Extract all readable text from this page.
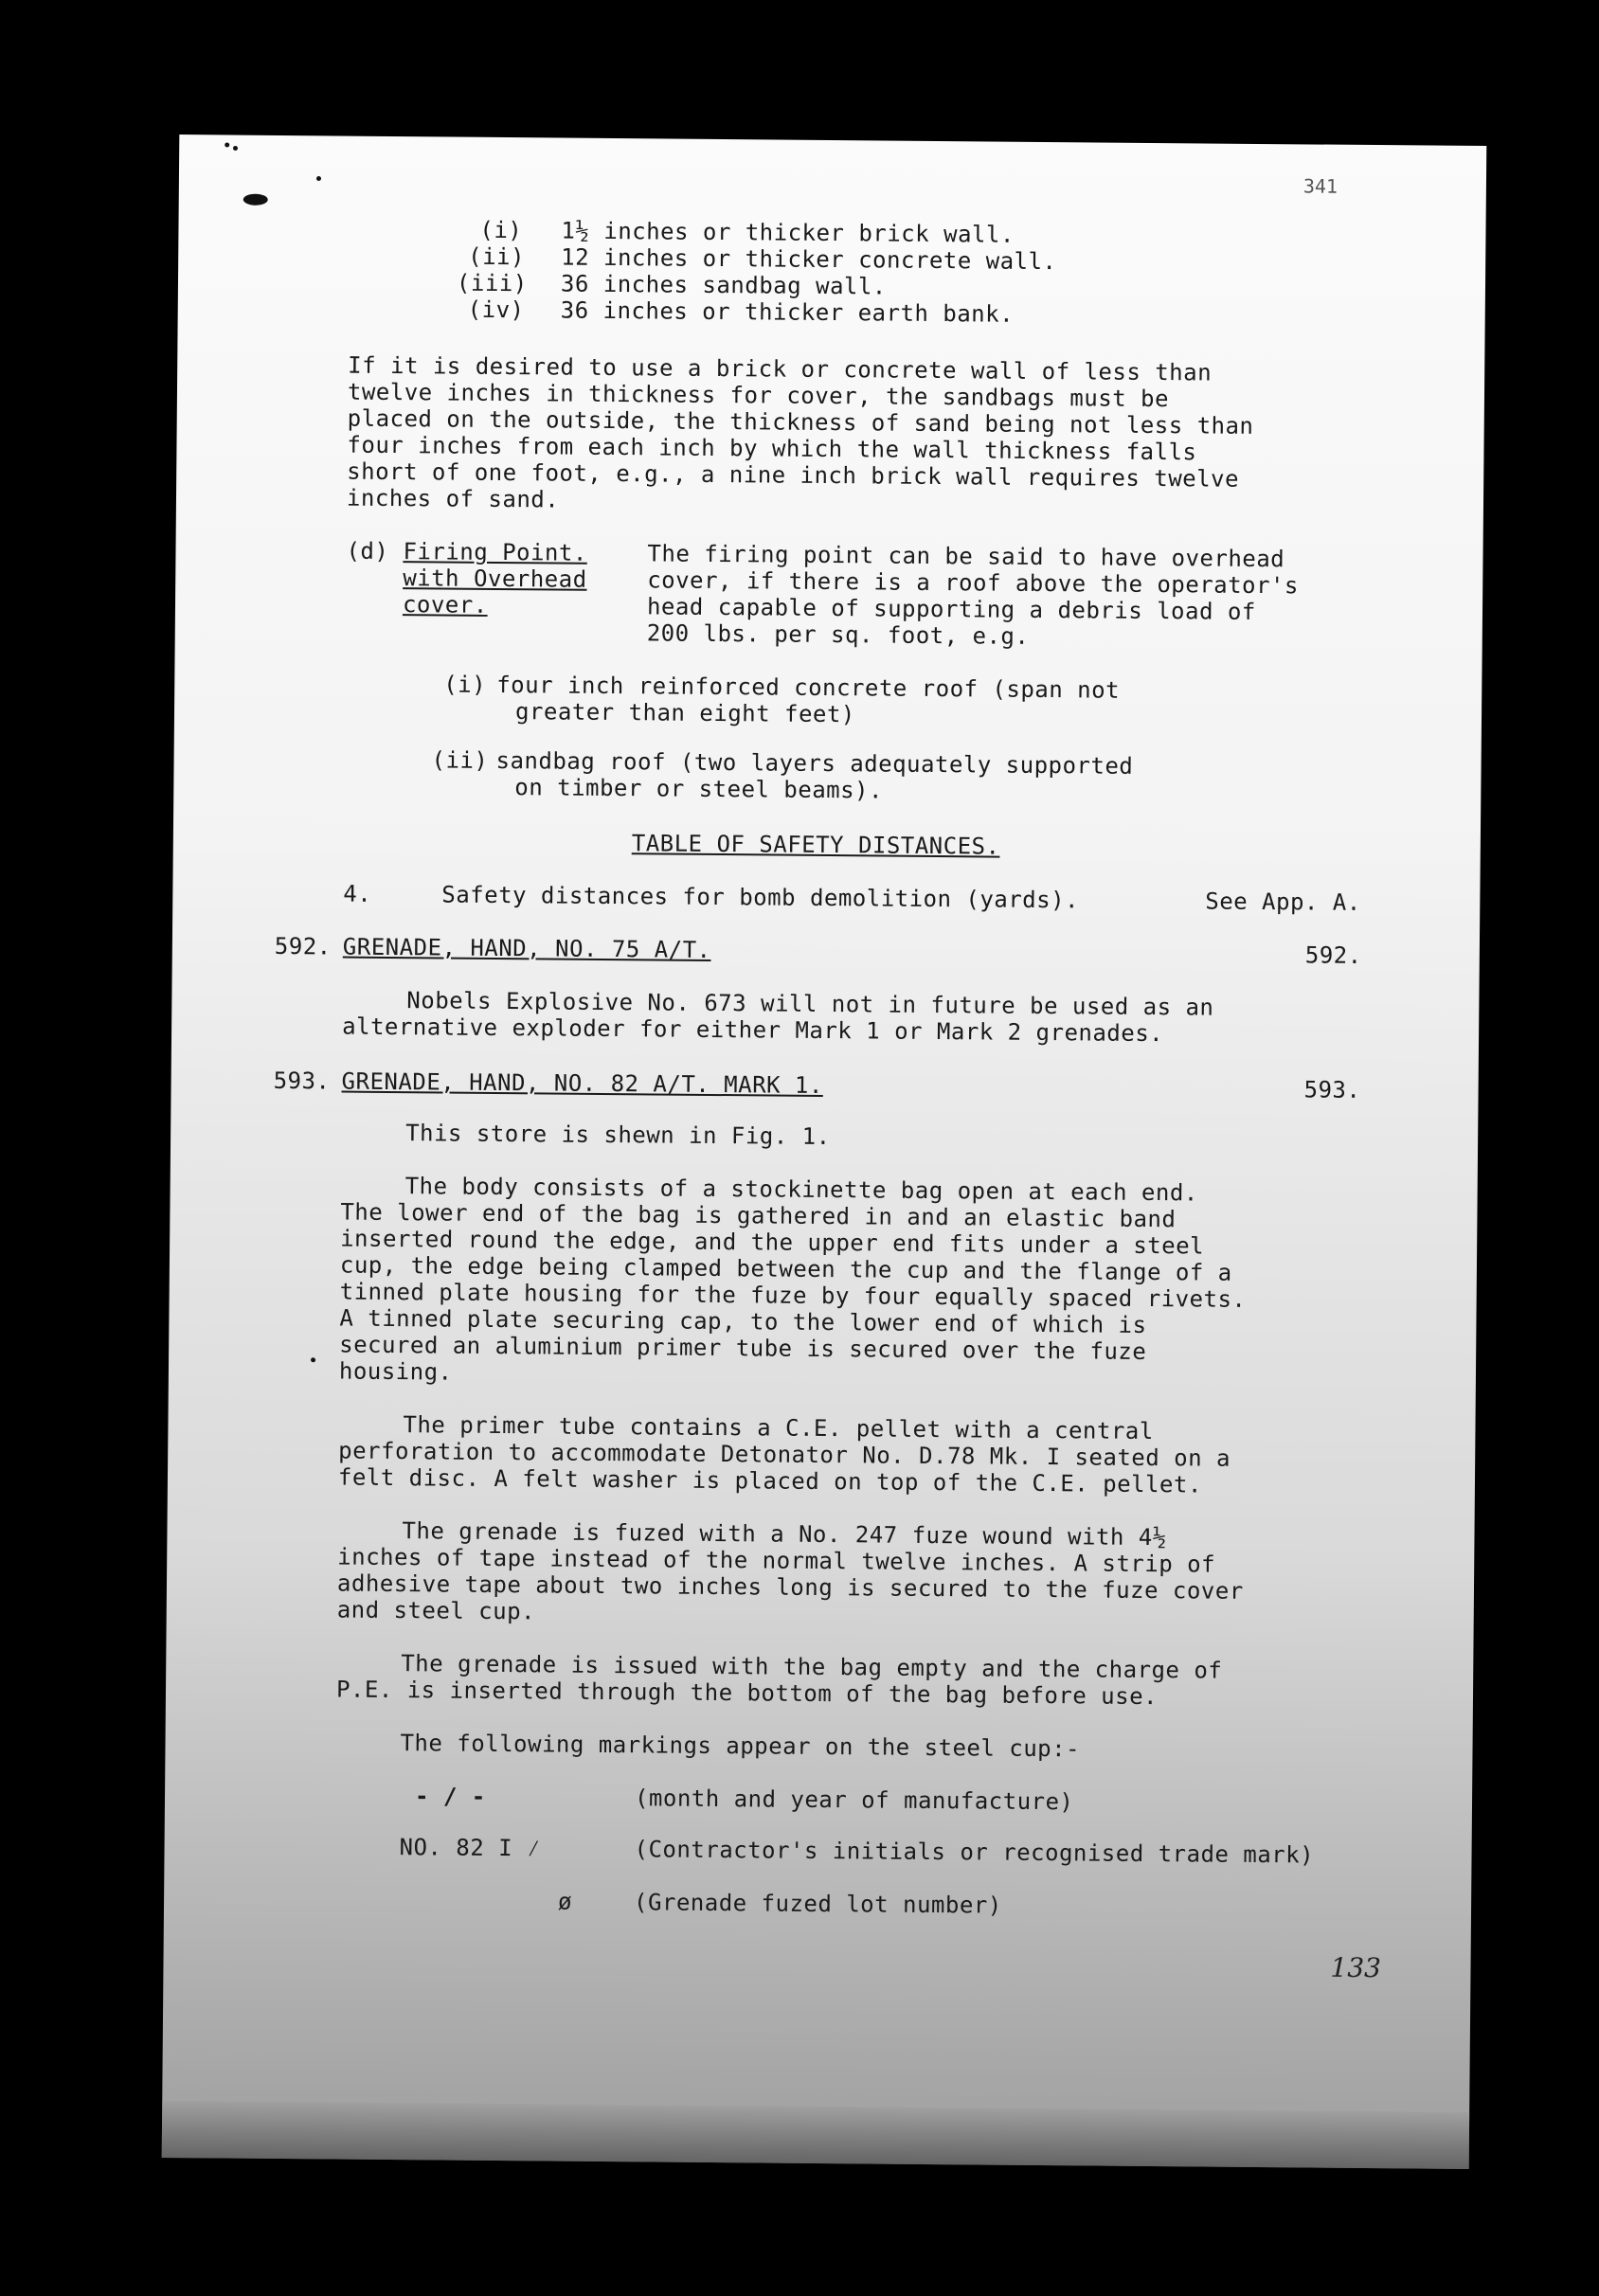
341
(i) 1½ inches or thicker brick wall.
(ii) 12 inches or thicker concrete wall.
(iii) 36 inches sandbag wall.
(iv) 36 inches or thicker earth bank.
If it is desired to use a brick or concrete wall of less than
twelve inches in thickness for cover, the sandbags must be
placed on the outside, the thickness of sand being not less than
four inches from each inch by which the wall thickness falls
short of one foot, e.g., a nine inch brick wall requires twelve
inches of sand.
(d) Firing Point.
with Overhead
cover.
The firing point can be said to have overhead
cover, if there is a roof above the operator's
head capable of supporting a debris load of
200 lbs. per sq. foot, e.g.
(i) four inch reinforced concrete roof (span not
greater than eight feet)
(ii) sandbag roof (two layers adequately supported
on timber or steel beams).
TABLE OF SAFETY DISTANCES.
4.	Safety distances for bomb demolition (yards).	See App. A.
592. GRENADE, HAND, NO. 75 A/T.	592.
Nobels Explosive No. 673 will not in future be used as an
alternative exploder for either Mark 1 or Mark 2 grenades.
593. GRENADE, HAND, NO. 82 A/T. MARK 1.	593.
This store is shewn in Fig. 1.
The body consists of a stockinette bag open at each end.
The lower end of the bag is gathered in and an elastic band
inserted round the edge, and the upper end fits under a steel
cup, the edge being clamped between the cup and the flange of a
tinned plate housing for the fuze by four equally spaced rivets.
A tinned plate securing cap, to the lower end of which is
secured an aluminium primer tube is secured over the fuze
housing.
The primer tube contains a C.E. pellet with a central
perforation to accommodate Detonator No. D.78 Mk. I seated on a
felt disc. A felt washer is placed on top of the C.E. pellet.
The grenade is fuzed with a No. 247 fuze wound with 4½
inches of tape instead of the normal twelve inches. A strip of
adhesive tape about two inches long is secured to the fuze cover
and steel cup.
The grenade is issued with the bag empty and the charge of
P.E. is inserted through the bottom of the bag before use.
The following markings appear on the steel cup:-
- / -	(month and year of manufacture)
NO. 82 I ⁄	(Contractor's initials or recognised trade mark)
ø	(Grenade fuzed lot number)
133
